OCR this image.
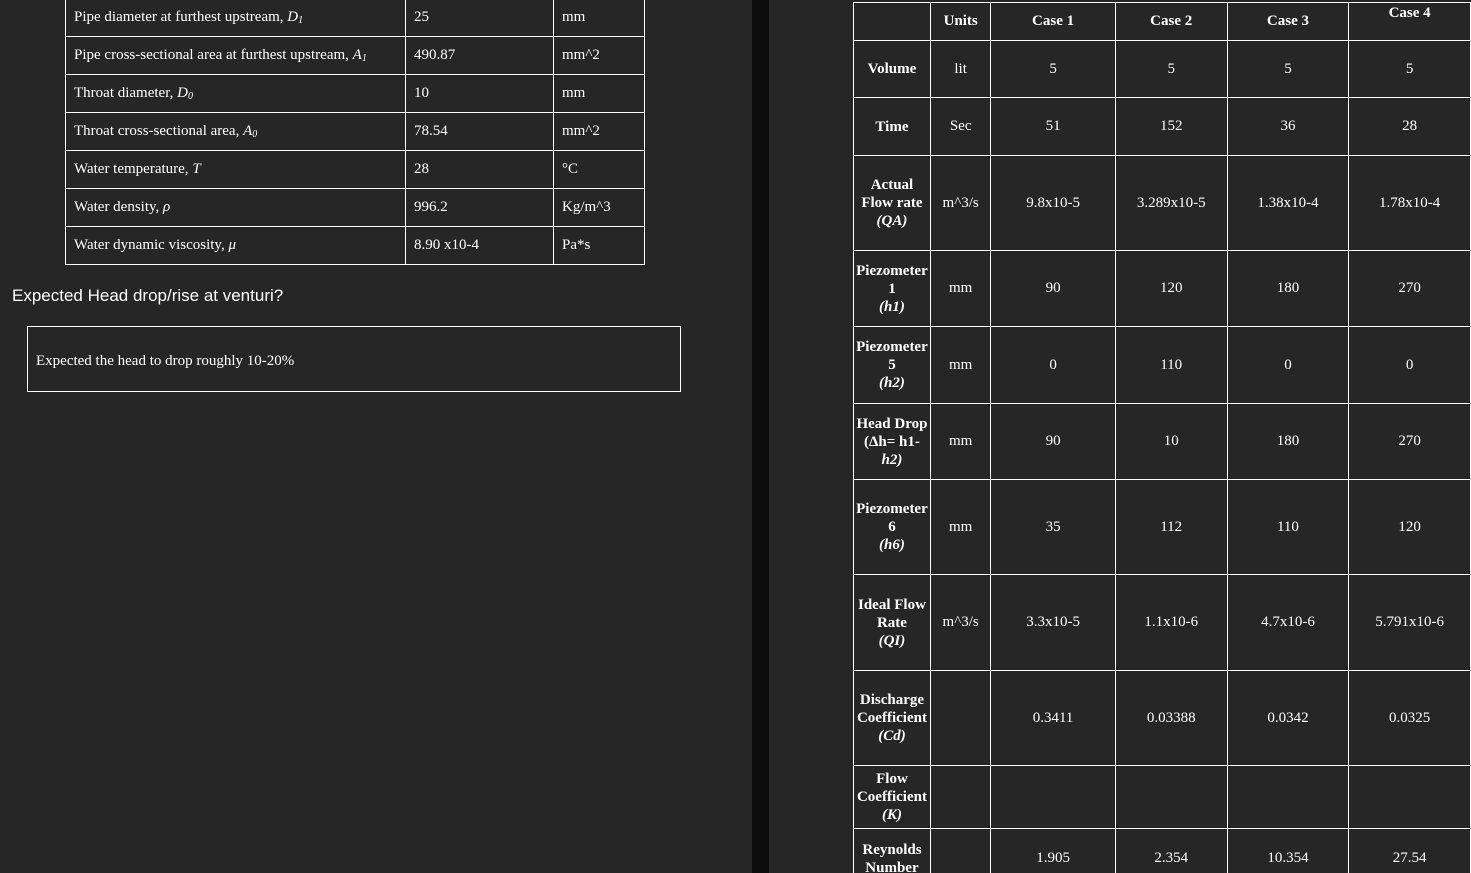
Pipe diameter at furthest upstream, $D_1$	25	mm
Pipe cross-sectional area at furthest upstream, $A_1$	490.87	mm^2
Throat diameter, $D_0$	10	mm
Throat cross-sectional area, $A_0$	78.54	mm^2
Water temperature, T	28	°C
Water density, ρ	996.2	Kg/m^3
Water dynamic viscosity, μ	8.90 x10-4	Pa*s
Expected Head drop/rise at venturi?
Expected the head to drop roughly 10-20%
	Units	Case 1	Case 2	Case 3	Case 4

Volume	lit	5	5	5	5

Time	Sec	51	152	36	28

Actual
Flow rate
(QA)	m^3/s	9.8x10-5	3.289x10-5	1.38x10-4	1.78x10-4

Piezometer
1
(h1)	mm	90	120	180	270

Piezometer
5
(h2)	mm	0	110	0	0

Head Drop
(Δh= h1-
h2)	mm	90	10	180	270

Piezometer
6
(h6)	mm	35	112	110	120

Ideal Flow
Rate
(QI)	m^3/s	3.3x10-5	1.1x10-6	4.7x10-6	5.791x10-6

Discharge
Coefficient
(Cd)		0.3411	0.03388	0.0342	0.0325

Flow
Coefficient
(K)					

Reynolds
Number		1.905	2.354	10.354	27.54
